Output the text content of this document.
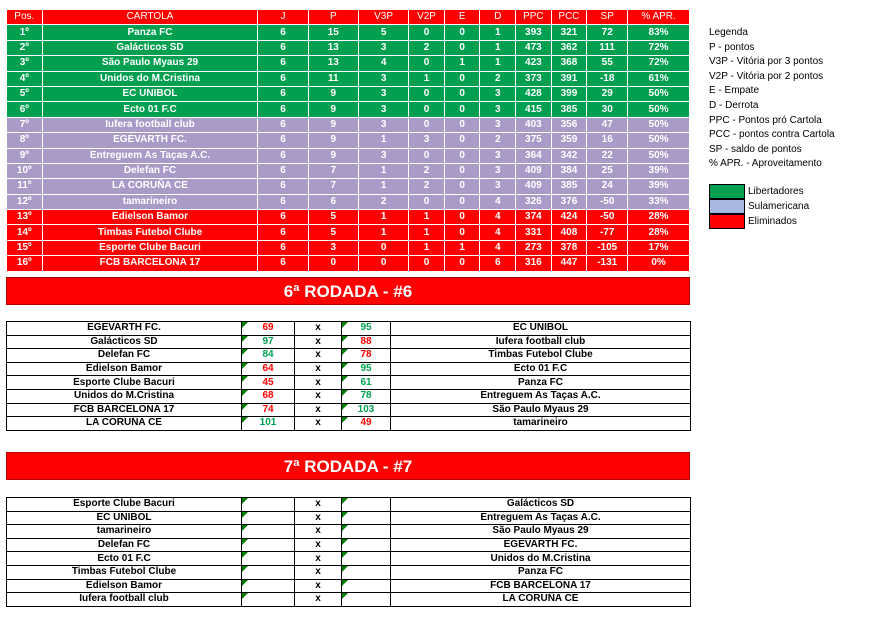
Pos.	CARTOLA	J	P	V3P	V2P	E	D	PPC	PCC	SP	% APR.
1º	Panza FC	6	15	5	0	0	1	393	321	72	83%
2º	Galácticos SD	6	13	3	2	0	1	473	362	111	72%
3º	São Paulo Myaus 29	6	13	4	0	1	1	423	368	55	72%
4º	Unidos do M.Cristina	6	11	3	1	0	2	373	391	-18	61%
5º	EC UNIBOL	6	9	3	0	0	3	428	399	29	50%
6º	Ecto 01 F.C	6	9	3	0	0	3	415	385	30	50%
7º	Iufera football club	6	9	3	0	0	3	403	356	47	50%
8º	EGEVARTH FC.	6	9	1	3	0	2	375	359	16	50%
9º	Entreguem As Taças A.C.	6	9	3	0	0	3	364	342	22	50%
10º	Delefan FC	6	7	1	2	0	3	409	384	25	39%
11º	LA CORUÑA CE	6	7	1	2	0	3	409	385	24	39%
12º	tamarineiro	6	6	2	0	0	4	326	376	-50	33%
13º	Edielson Bamor	6	5	1	1	0	4	374	424	-50	28%
14º	Timbas Futebol Clube	6	5	1	1	0	4	331	408	-77	28%
15º	Esporte Clube Bacuri	6	3	0	1	1	4	273	378	-105	17%
16º	FCB BARCELONA 17	6	0	0	0	0	6	316	447	-131	0%
Legenda
P - pontos
V3P - Vitória por 3 pontos
V2P - Vitória por 2 pontos
E - Empate
D - Derrota
PPC - Pontos pró Cartola
PCC - pontos contra Cartola
SP - saldo de pontos
% APR. - Aproveitamento
Libertadores
Sulamericana
Eliminados
6ª RODADA - #6
EGEVARTH FC.	69	x	95	EC UNIBOL
Galácticos SD	97	x	88	Iufera football club
Delefan FC	84	x	78	Timbas Futebol Clube
Edielson Bamor	64	x	95	Ecto 01 F.C
Esporte Clube Bacuri	45	x	61	Panza FC
Unidos do M.Cristina	68	x	78	Entreguem As Taças A.C.
FCB BARCELONA 17	74	x	103	São Paulo Myaus 29
LA CORUÑA CE	101	x	49	tamarineiro
7ª RODADA - #7
Esporte Clube Bacuri		x		Galácticos SD
EC UNIBOL		x		Entreguem As Taças A.C.
tamarineiro		x		São Paulo Myaus 29
Delefan FC		x		EGEVARTH FC.
Ecto 01 F.C		x		Unidos do M.Cristina
Timbas Futebol Clube		x		Panza FC
Edielson Bamor		x		FCB BARCELONA 17
Iufera football club		x		LA CORUÑA CE
